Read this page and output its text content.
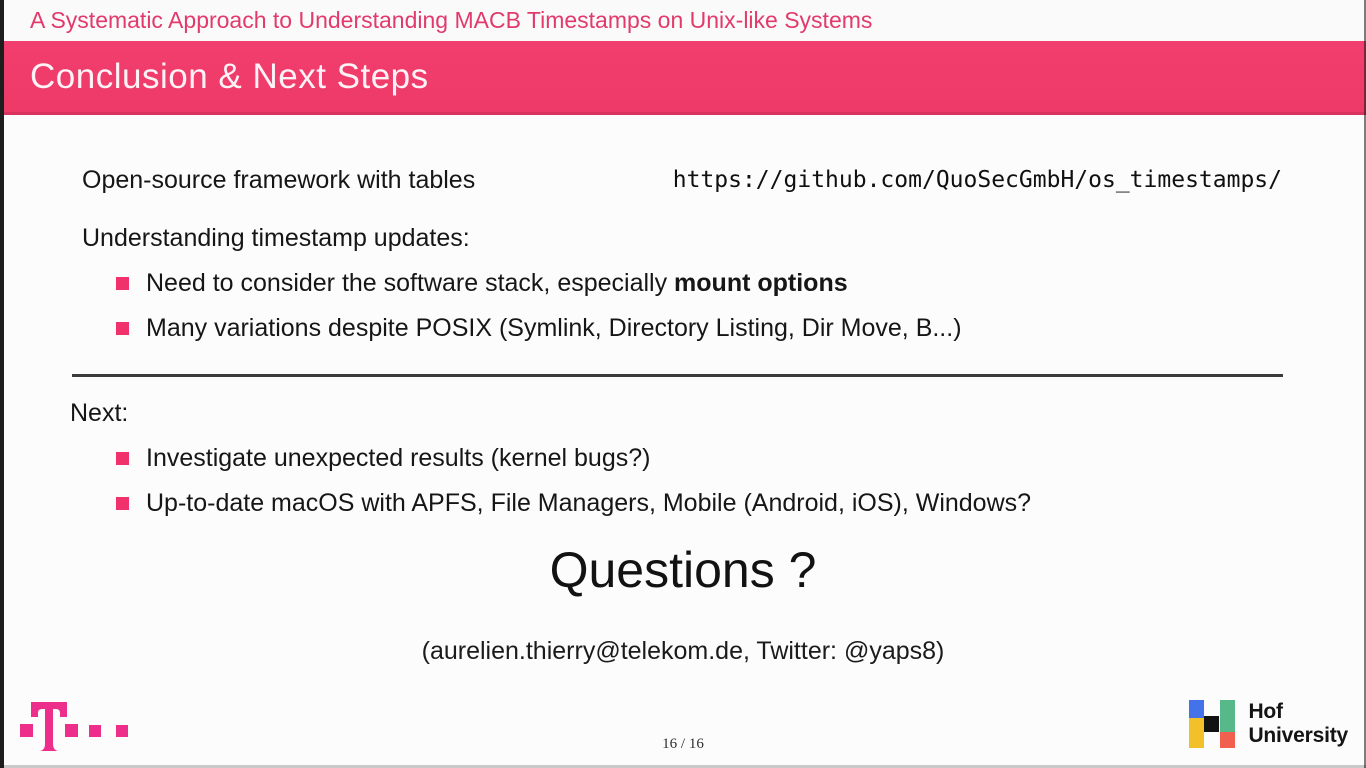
A Systematic Approach to Understanding MACB Timestamps on Unix-like Systems
Conclusion & Next Steps
Open-source framework with tables	https://github.com/QuoSecGmbH/os_timestamps/
Understanding timestamp updates:
Need to consider the software stack, especially mount options
Many variations despite POSIX (Symlink, Directory Listing, Dir Move, B...)
Next:
Investigate unexpected results (kernel bugs?)
Up-to-date macOS with APFS, File Managers, Mobile (Android, iOS), Windows?
Questions ?
(aurelien.thierry@telekom.de, Twitter: @yaps8)
16 / 16
Hof
University
